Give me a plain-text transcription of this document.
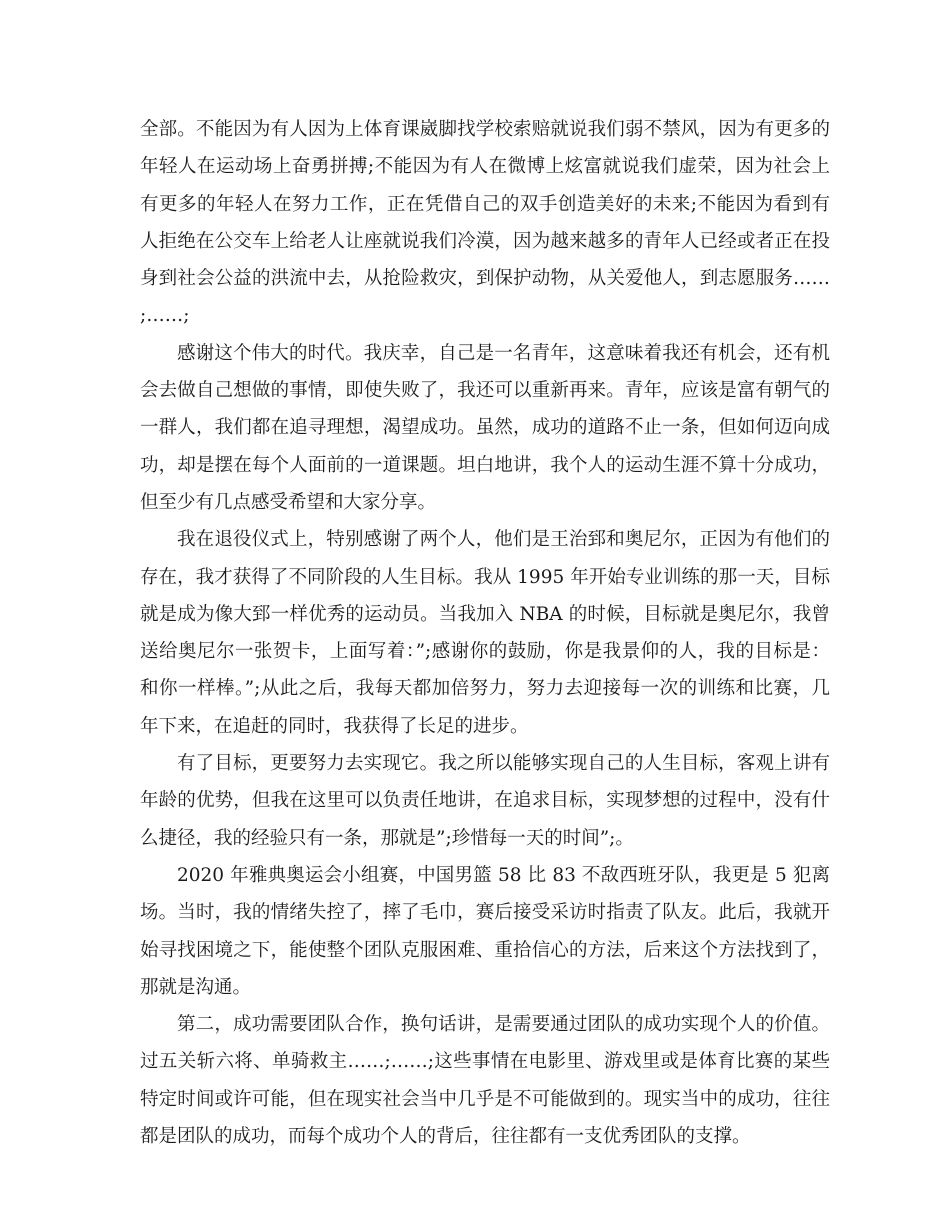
全部。不能因为有人因为上体育课崴脚找学校索赔就说我们弱不禁风，因为有更多的年轻人在运动场上奋勇拼搏;不能因为有人在微博上炫富就说我们虚荣，因为社会上有更多的年轻人在努力工作，正在凭借自己的双手创造美好的未来;不能因为看到有人拒绝在公交车上给老人让座就说我们冷漠，因为越来越多的青年人已经或者正在投身到社会公益的洪流中去，从抢险救灾，到保护动物，从关爱他人，到志愿服务……;……;

感谢这个伟大的时代。我庆幸，自己是一名青年，这意味着我还有机会，还有机会去做自己想做的事情，即使失败了，我还可以重新再来。青年，应该是富有朝气的一群人，我们都在追寻理想，渴望成功。虽然，成功的道路不止一条，但如何迈向成功，却是摆在每个人面前的一道课题。坦白地讲，我个人的运动生涯不算十分成功，但至少有几点感受希望和大家分享。

我在退役仪式上，特别感谢了两个人，他们是王治郅和奥尼尔，正因为有他们的存在，我才获得了不同阶段的人生目标。我从 1995 年开始专业训练的那一天，目标就是成为像大郅一样优秀的运动员。当我加入 NBA 的时候，目标就是奥尼尔，我曾送给奥尼尔一张贺卡，上面写着：”;感谢你的鼓励，你是我景仰的人，我的目标是：和你一样棒。”;从此之后，我每天都加倍努力，努力去迎接每一次的训练和比赛，几年下来，在追赶的同时，我获得了长足的进步。

有了目标，更要努力去实现它。我之所以能够实现自己的人生目标，客观上讲有年龄的优势，但我在这里可以负责任地讲，在追求目标，实现梦想的过程中，没有什么捷径，我的经验只有一条，那就是”;珍惜每一天的时间”;。

2020 年雅典奥运会小组赛，中国男篮 58 比 83 不敌西班牙队，我更是 5 犯离场。当时，我的情绪失控了，摔了毛巾，赛后接受采访时指责了队友。此后，我就开始寻找困境之下，能使整个团队克服困难、重拾信心的方法，后来这个方法找到了，那就是沟通。

第二，成功需要团队合作，换句话讲，是需要通过团队的成功实现个人的价值。过五关斩六将、单骑救主……;……;这些事情在电影里、游戏里或是体育比赛的某些特定时间或许可能，但在现实社会当中几乎是不可能做到的。现实当中的成功，往往都是团队的成功，而每个成功个人的背后，往往都有一支优秀团队的支撑。
